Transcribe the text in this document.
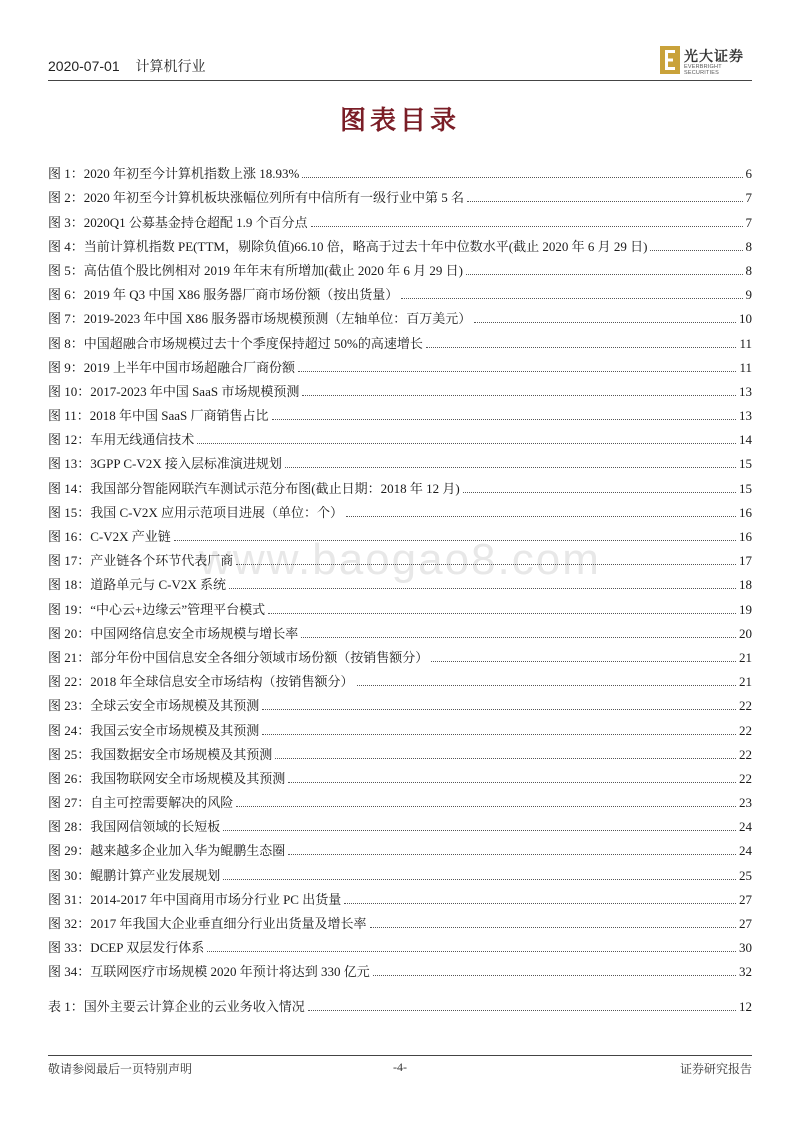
2020-07-01 计算机行业
光大证券
EVERBRIGHT SECURITIES
图表目录
www.baogao8.com
图 1：2020 年初至今计算机指数上涨 18.93%	6
图 2：2020 年初至今计算机板块涨幅位列所有中信所有一级行业中第 5 名	7
图 3：2020Q1 公募基金持仓超配 1.9 个百分点	7
图 4：当前计算机指数 PE(TTM，剔除负值)66.10 倍，略高于过去十年中位数水平(截止 2020 年 6 月 29 日)	8
图 5：高估值个股比例相对 2019 年年末有所增加(截止 2020 年 6 月 29 日)	8
图 6：2019 年 Q3 中国 X86 服务器厂商市场份额（按出货量）	9
图 7：2019-2023 年中国 X86 服务器市场规模预测（左轴单位：百万美元）	10
图 8：中国超融合市场规模过去十个季度保持超过 50%的高速增长	11
图 9：2019 上半年中国市场超融合厂商份额	11
图 10：2017-2023 年中国 SaaS 市场规模预测	13
图 11：2018 年中国 SaaS 厂商销售占比	13
图 12：车用无线通信技术	14
图 13：3GPP C-V2X 接入层标准演进规划	15
图 14：我国部分智能网联汽车测试示范分布图(截止日期：2018 年 12 月)	15
图 15：我国 C-V2X 应用示范项目进展（单位：个）	16
图 16：C-V2X 产业链	16
图 17：产业链各个环节代表厂商	17
图 18：道路单元与 C-V2X 系统	18
图 19：“中心云+边缘云”管理平台模式	19
图 20：中国网络信息安全市场规模与增长率	20
图 21：部分年份中国信息安全各细分领域市场份额（按销售额分）	21
图 22：2018 年全球信息安全市场结构（按销售额分）	21
图 23：全球云安全市场规模及其预测	22
图 24：我国云安全市场规模及其预测	22
图 25：我国数据安全市场规模及其预测	22
图 26：我国物联网安全市场规模及其预测	22
图 27：自主可控需要解决的风险	23
图 28：我国网信领域的长短板	24
图 29：越来越多企业加入华为鲲鹏生态圈	24
图 30：鲲鹏计算产业发展规划	25
图 31：2014-2017 年中国商用市场分行业 PC 出货量	27
图 32：2017 年我国大企业垂直细分行业出货量及增长率	27
图 33：DCEP 双层发行体系	30
图 34：互联网医疗市场规模 2020 年预计将达到 330 亿元	32
表 1：国外主要云计算企业的云业务收入情况	12
敬请参阅最后一页特别声明	-4-	证券研究报告
